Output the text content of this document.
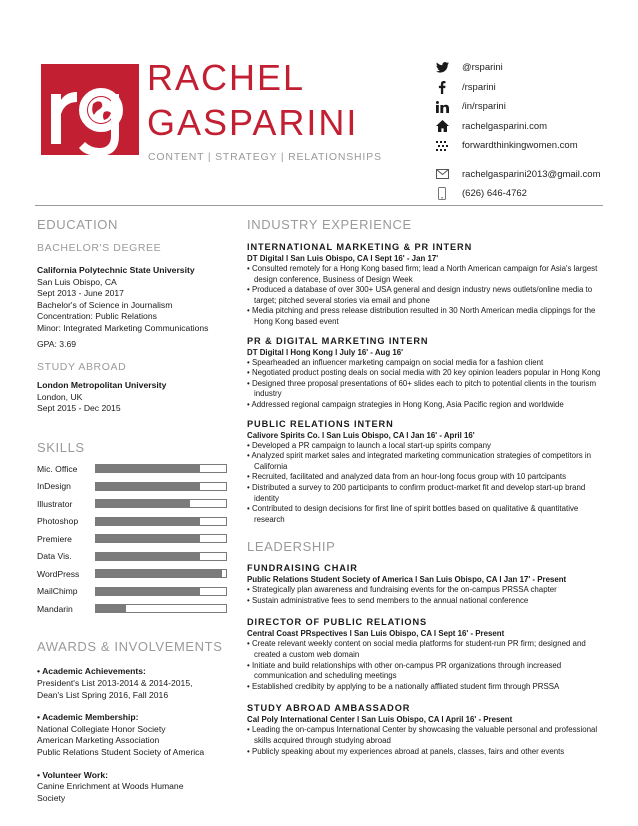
RACHEL
GASPARINI
CONTENT | STRATEGY | RELATIONSHIPS
@rsparini
/rsparini
/in/rsparini
rachelgasparini.com
forwardthinkingwomen.com
rachelgasparini2013@gmail.com
(626) 646-4762
EDUCATION
BACHELOR'S DEGREE
California Polytechnic State University
San Luis Obispo, CA
Sept 2013 - June 2017
Bachelor's of Science in Journalism
Concentration: Public Relations
Minor: Integrated Marketing Communications
GPA: 3.69
STUDY ABROAD
London Metropolitan University
London, UK
Sept 2015 - Dec 2015
SKILLS
Mic. Office
InDesign
Illustrator
Photoshop
Premiere
Data Vis.
WordPress
MailChimp
Mandarin
AWARDS & INVOLVEMENTS
• Academic Achievements:
President's List 2013-2014 & 2014-2015,
Dean's List Spring 2016, Fall 2016
• Academic Membership:
National Collegiate Honor Society
American Marketing Association
Public Relations Student Society of America
• Volunteer Work:
Canine Enrichment at Woods Humane
Society
INDUSTRY EXPERIENCE
INTERNATIONAL MARKETING & PR INTERN
DT Digital l San Luis Obispo, CA l Sept 16' - Jan 17'
• Consulted remotely for a Hong Kong based firm; lead a North American campaign for Asia's largest design conference, Business of Design Week
• Produced a database of over 300+ USA general and design industry news outlets/online media to target; pitched several stories via email and phone
• Media pitching and press release distribution resulted in 30 North American media clippings for the Hong Kong based event
PR & DIGITAL MARKETING INTERN
DT Digital l Hong Kong l July 16' - Aug 16'
• Spearheaded an influencer marketing campaign on social media for a fashion client
• Negotiated product posting deals on social media with 20 key opinion leaders popular in Hong Kong
• Designed three proposal presentations of 60+ slides each to pitch to potential clients in the tourism industry
• Addressed regional campaign strategies in Hong Kong, Asia Pacific region and worldwide
PUBLIC RELATIONS INTERN
Calivore Spirits Co. l San Luis Obispo, CA l Jan 16' - April 16'
• Developed a PR campaign to launch a local start-up spirits company
• Analyzed spirit market sales and integrated marketing communication strategies of competitors in California
• Recruited, facilitated and analyzed data from an hour-long focus group with 10 partcipants
• Distributed a survey to 200 participants to confirm product-market fit and develop start-up brand identity
• Contributed to design decisions for first line of spirit bottles based on qualitative & quantitative research
LEADERSHIP
FUNDRAISING CHAIR
Public Relations Student Society of America l San Luis Obispo, CA l Jan 17' - Present
• Strategically plan awareness and fundraising events for the on-campus PRSSA chapter
• Sustain administrative fees to send members to the annual national conference
DIRECTOR OF PUBLIC RELATIONS
Central Coast PRspectives l San Luis Obispo, CA l Sept 16' - Present
• Create relevant weekly content on social media platforms for student-run PR firm; designed and created a custom web domain
• Initiate and build relationships with other on-campus PR organizations through increased communication and scheduling meetings
• Established credibity by applying to be a nationally affliated student firm through PRSSA
STUDY ABROAD AMBASSADOR
Cal Poly International Center l San Luis Obispo, CA l April 16' - Present
• Leading the on-campus International Center by showcasing the valuable personal and professional skills acquired through studying abroad
• Publicly speaking about my experiences abroad at panels, classes, fairs and other events
